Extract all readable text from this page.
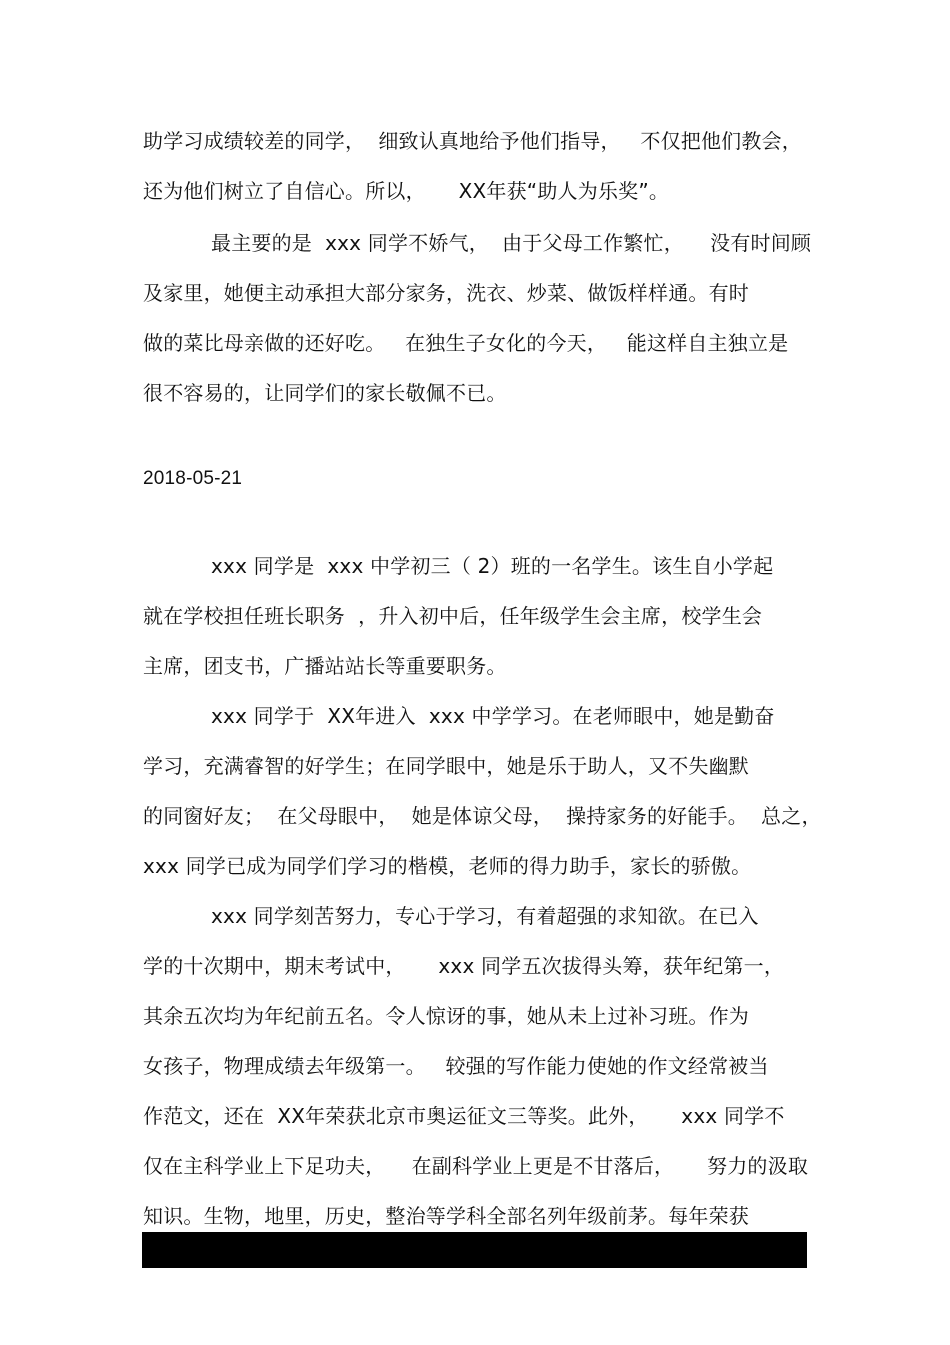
助学习成绩较差的同学，  细致认真地给予他们指导，   不仅把他们教会，
还为他们树立了自信心。所以，     XX年获“助人为乐奖”。
最主要的是  xxx 同学不娇气，  由于父母工作繁忙，    没有时间顾
及家里，她便主动承担大部分家务，洗衣、炒菜、做饭样样通。有时
做的菜比母亲做的还好吃。   在独生子女化的今天，   能这样自主独立是
很不容易的，让同学们的家长敬佩不已。
2018-05-21
xxx 同学是  xxx 中学初三（ 2）班的一名学生。该生自小学起
就在学校担任班长职务  ，升入初中后，任年级学生会主席，校学生会
主席，团支书，广播站站长等重要职务。
xxx 同学于  XX年进入  xxx 中学学习。在老师眼中，她是勤奋
学习，充满睿智的好学生；在同学眼中，她是乐于助人，又不失幽默
的同窗好友；  在父母眼中，  她是体谅父母，  操持家务的好能手。  总之，
xxx 同学已成为同学们学习的楷模，老师的得力助手，家长的骄傲。
xxx 同学刻苦努力，专心于学习，有着超强的求知欲。在已入
学的十次期中，期末考试中，     xxx 同学五次拔得头筹，获年纪第一，
其余五次均为年纪前五名。令人惊讶的事，她从未上过补习班。作为
女孩子，物理成绩去年级第一。   较强的写作能力使她的作文经常被当
作范文，还在  XX年荣获北京市奥运征文三等奖。此外，     xxx 同学不
仅在主科学业上下足功夫，    在副科学业上更是不甘落后，     努力的汲取
知识。生物，地里，历史，整治等学科全部名列年级前茅。每年荣获
